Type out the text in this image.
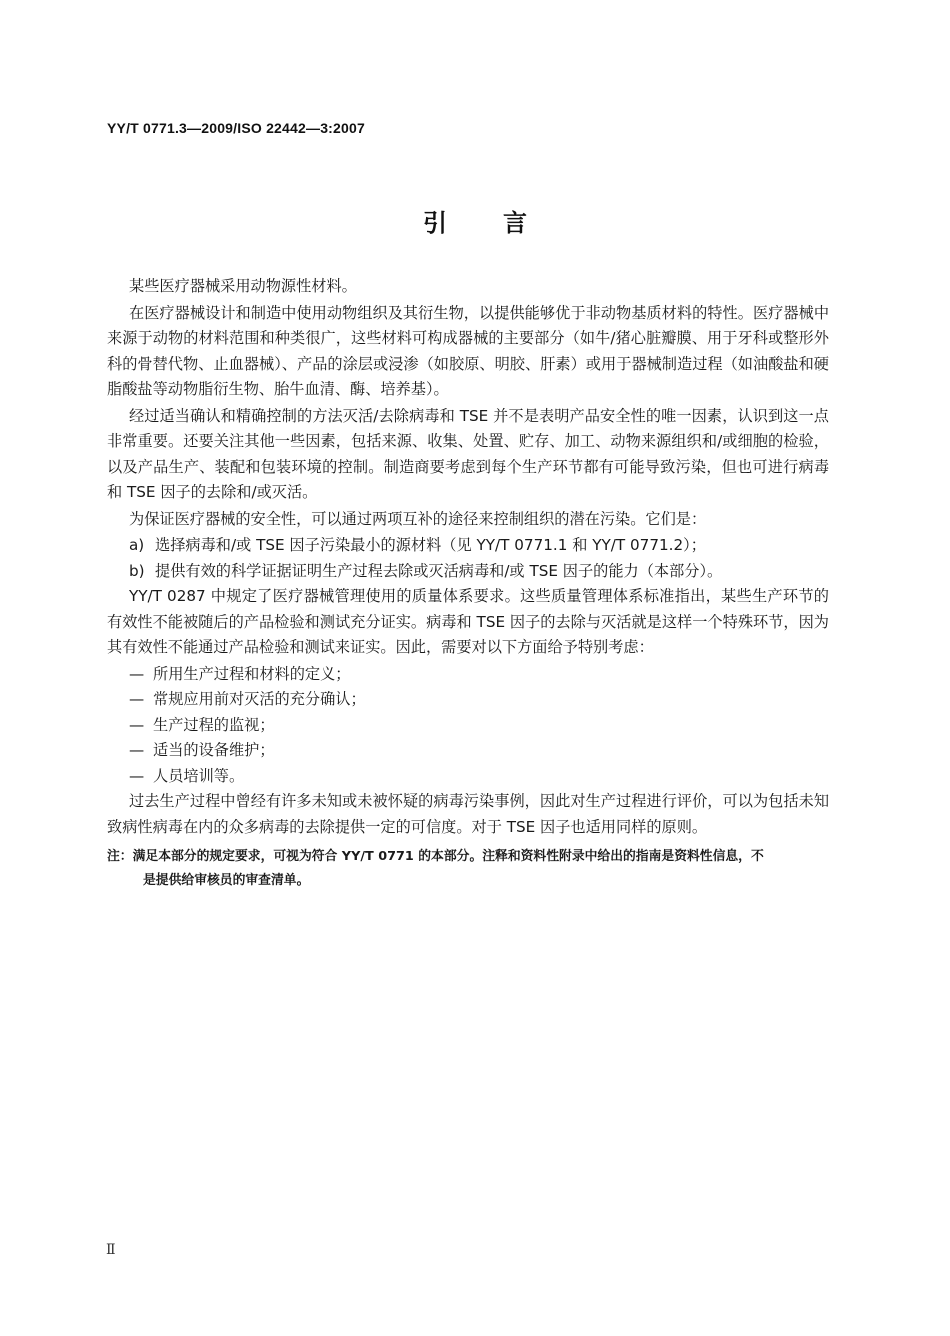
YY/T 0771.3—2009/ISO 22442—3:2007
引言

某些医疗器械采用动物源性材料。

在医疗器械设计和制造中使用动物组织及其衍生物，以提供能够优于非动物基质材料的特性。医疗器械中来源于动物的材料范围和种类很广，这些材料可构成器械的主要部分（如牛/猪心脏瓣膜、用于牙科或整形外科的骨替代物、止血器械）、产品的涂层或浸渗（如胶原、明胶、肝素）或用于器械制造过程（如油酸盐和硬脂酸盐等动物脂衍生物、胎牛血清、酶、培养基）。

经过适当确认和精确控制的方法灭活/去除病毒和 TSE 并不是表明产品安全性的唯一因素，认识到这一点非常重要。还要关注其他一些因素，包括来源、收集、处置、贮存、加工、动物来源组织和/或细胞的检验，以及产品生产、装配和包装环境的控制。制造商要考虑到每个生产环节都有可能导致污染，但也可进行病毒和 TSE 因子的去除和/或灭活。

为保证医疗器械的安全性，可以通过两项互补的途径来控制组织的潜在污染。它们是：

a) 选择病毒和/或 TSE 因子污染最小的源材料（见 YY/T 0771.1 和 YY/T 0771.2）；
b) 提供有效的科学证据证明生产过程去除或灭活病毒和/或 TSE 因子的能力（本部分）。

YY/T 0287 中规定了医疗器械管理使用的质量体系要求。这些质量管理体系标准指出，某些生产环节的有效性不能被随后的产品检验和测试充分证实。病毒和 TSE 因子的去除与灭活就是这样一个特殊环节，因为其有效性不能通过产品检验和测试来证实。因此，需要对以下方面给予特别考虑：

— 所用生产过程和材料的定义；
— 常规应用前对灭活的充分确认；
— 生产过程的监视；
— 适当的设备维护；
— 人员培训等。

过去生产过程中曾经有许多未知或未被怀疑的病毒污染事例，因此对生产过程进行评价，可以为包括未知致病性病毒在内的众多病毒的去除提供一定的可信度。对于 TSE 因子也适用同样的原则。

注：满足本部分的规定要求，可视为符合 YY/T 0771 的本部分。注释和资料性附录中给出的指南是资料性信息，不
是提供给审核员的审查清单。
Ⅱ
